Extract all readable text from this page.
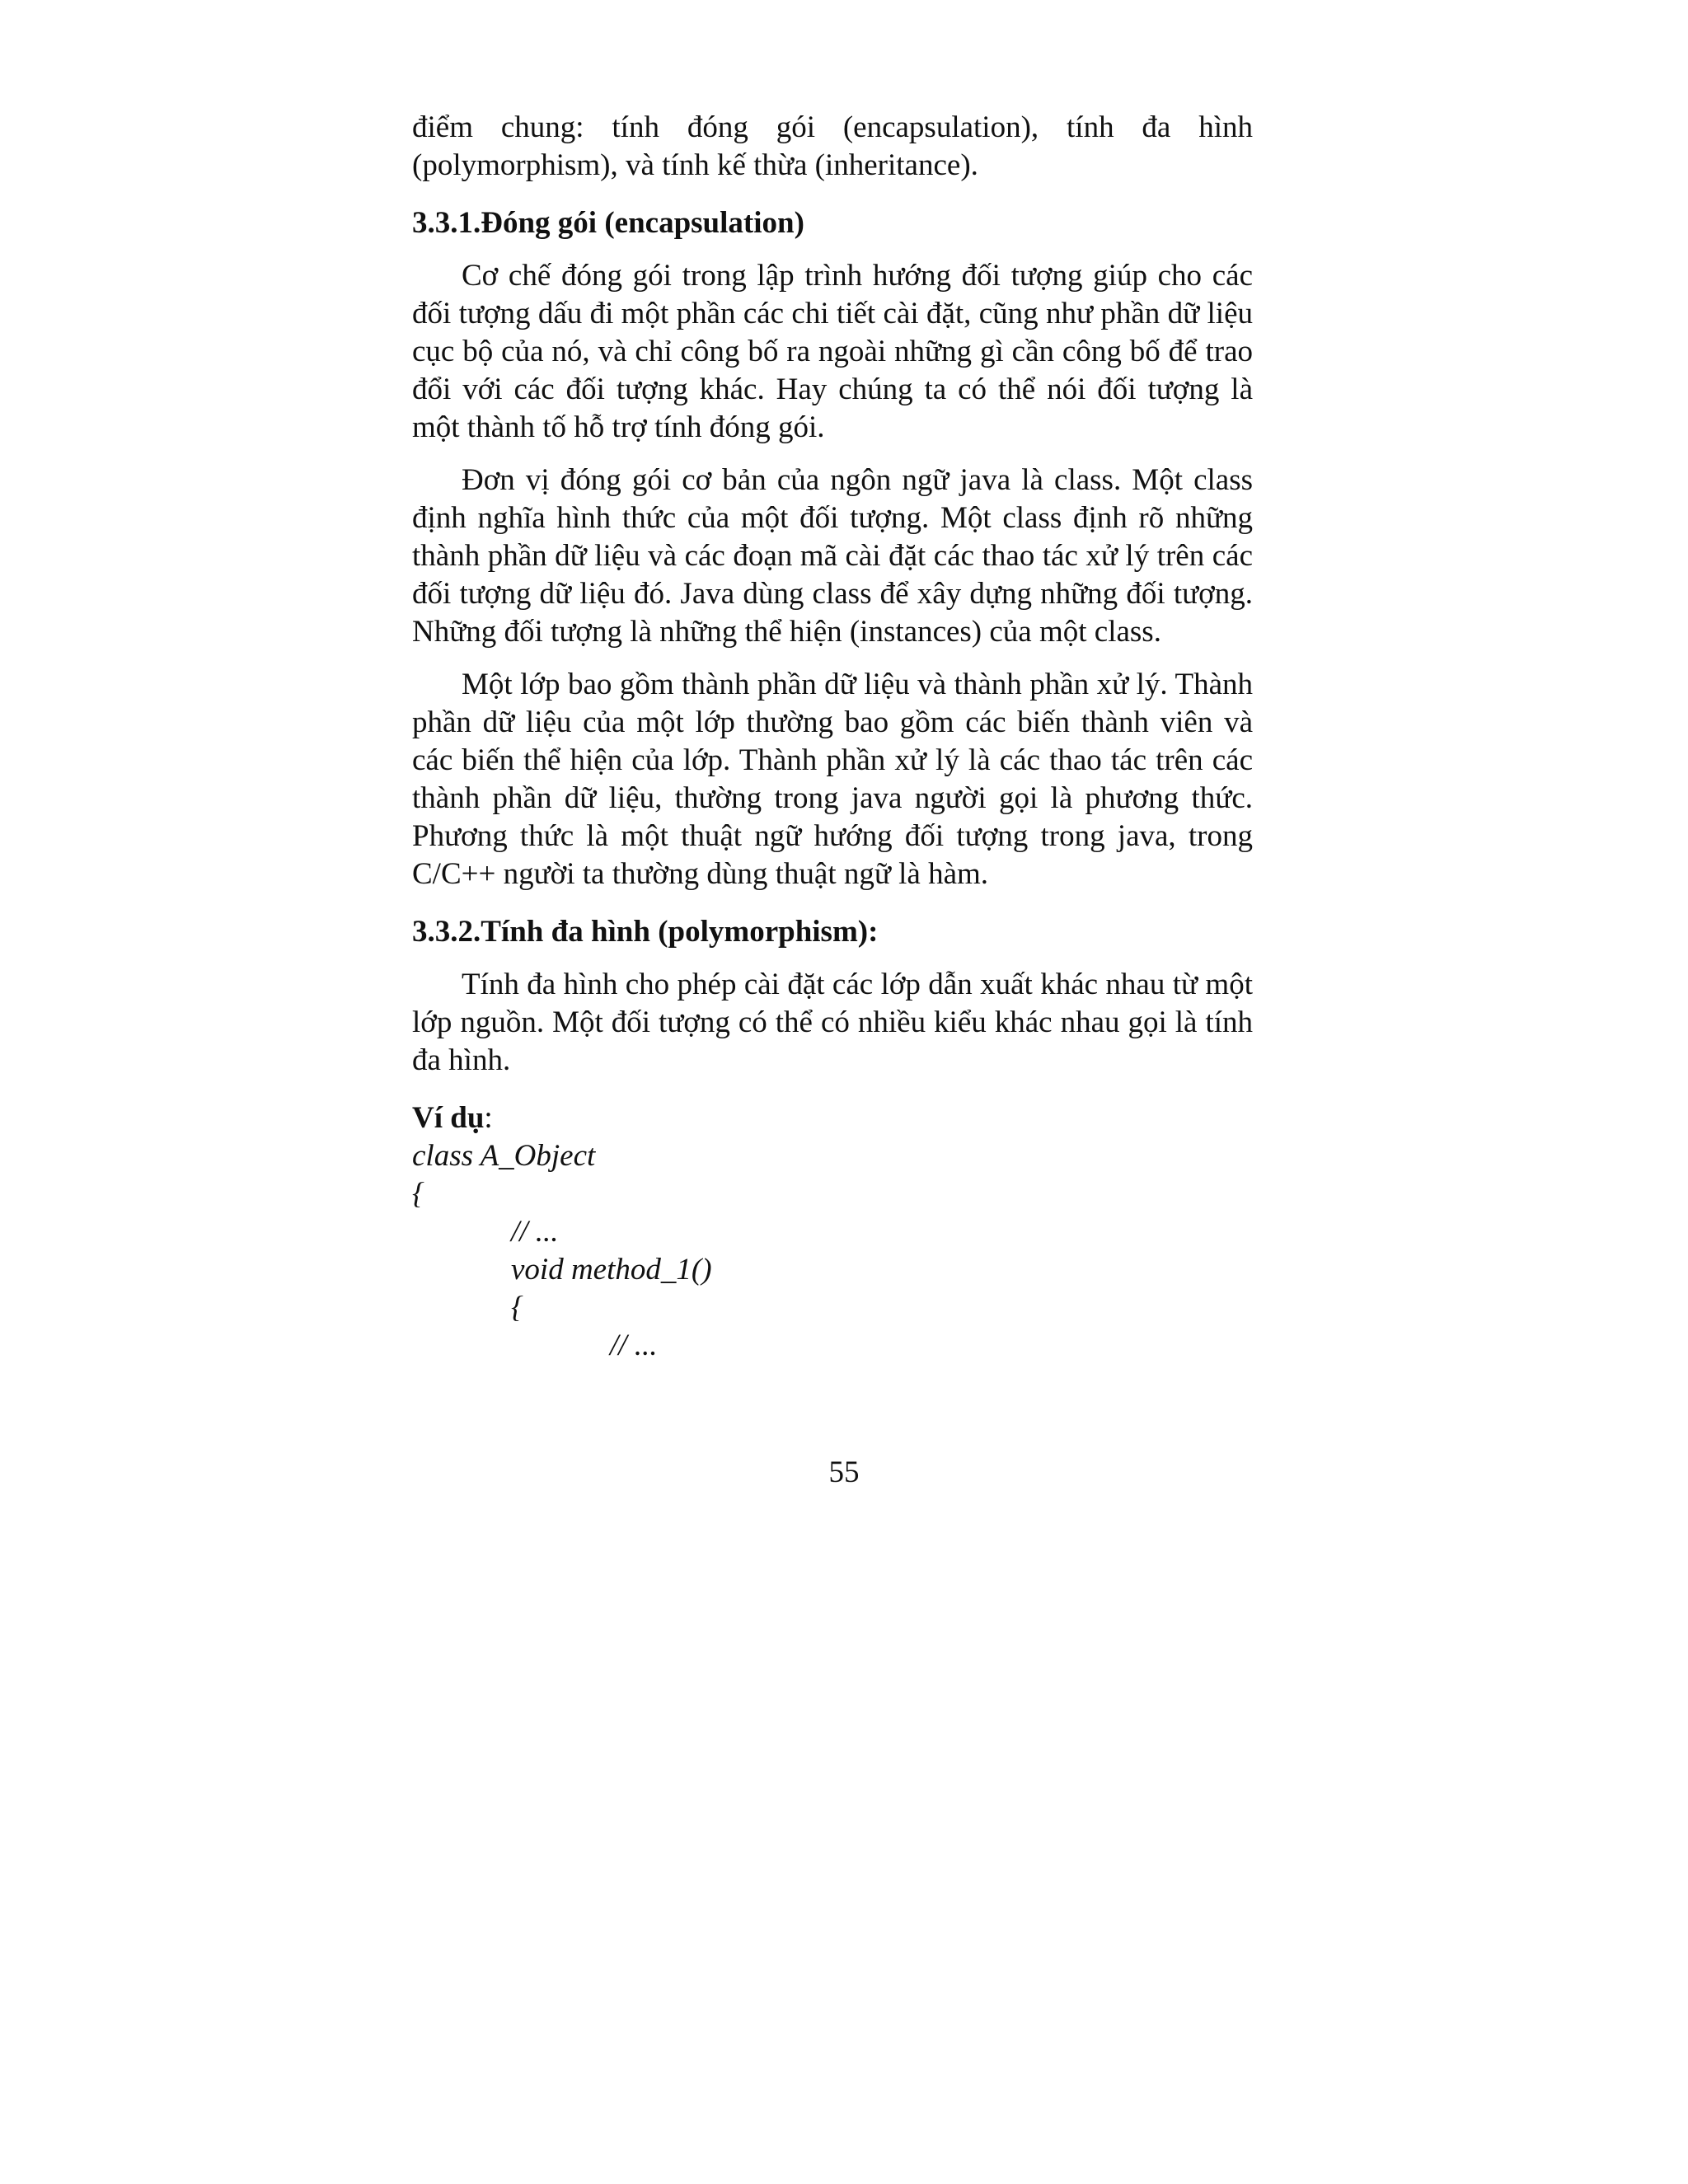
điểm chung: tính đóng gói (encapsulation), tính đa hình (polymorphism), và tính kế thừa (inheritance).

3.3.1.Đóng gói (encapsulation)

Cơ chế đóng gói trong lập trình hướng đối tượng giúp cho các đối tượng dấu đi một phần các chi tiết cài đặt, cũng như phần dữ liệu cục bộ của nó, và chỉ công bố ra ngoài những gì cần công bố để trao đổi với các đối tượng khác. Hay chúng ta có thể nói đối tượng là một thành tố hỗ trợ tính đóng gói.

Đơn vị đóng gói cơ bản của ngôn ngữ java là class. Một class định nghĩa hình thức của một đối tượng. Một class định rõ những thành phần dữ liệu và các đoạn mã cài đặt các thao tác xử lý trên các đối tượng dữ liệu đó. Java dùng class để xây dựng những đối tượng. Những đối tượng là những thể hiện (instances) của một class.

Một lớp bao gồm thành phần dữ liệu và thành phần xử lý. Thành phần dữ liệu của một lớp thường bao gồm các biến thành viên và các biến thể hiện của lớp. Thành phần xử lý là các thao tác trên các thành phần dữ liệu, thường trong java người gọi là phương thức. Phương thức là một thuật ngữ hướng đối tượng trong java, trong C/C++ người ta thường dùng thuật ngữ là hàm.

3.3.2.Tính đa hình (polymorphism):

Tính đa hình cho phép cài đặt các lớp dẫn xuất khác nhau từ một lớp nguồn. Một đối tượng có thể có nhiều kiểu khác nhau gọi là tính đa hình.

Ví dụ:
class A_Object
{
// ...
void method_1()
{
// ...
55
